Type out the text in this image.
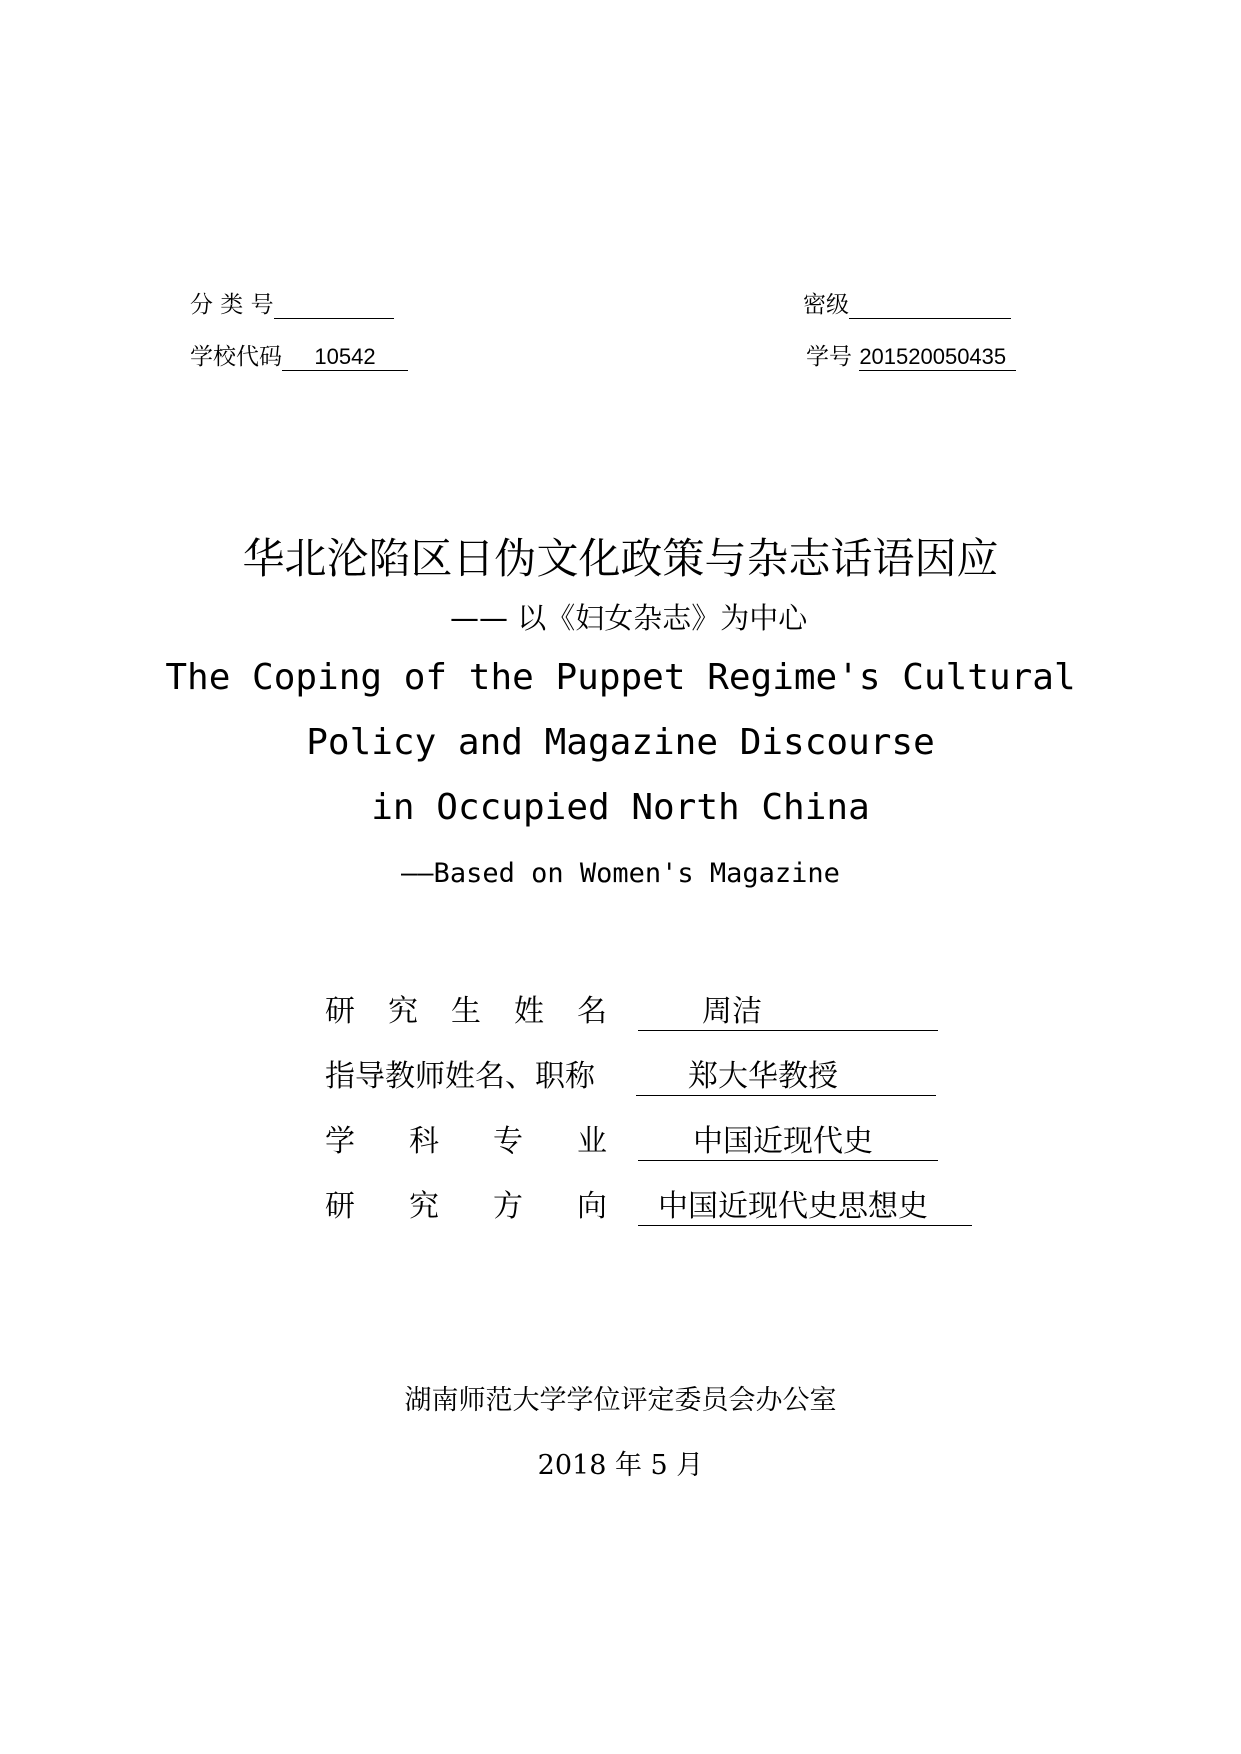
分 类 号	密级
学校代码 10542	学号 201520050435
华北沦陷区日伪文化政策与杂志话语因应
—— 以《妇女杂志》为中心
The Coping of the Puppet Regime's Cultural
Policy and Magazine Discourse
in Occupied North China
——Based on Women's Magazine
研 究 生 姓 名	周洁
指导教师姓名、职称	郑大华教授
学 科 专 业	中国近现代史
研 究 方 向	中国近现代史思想史
湖南师范大学学位评定委员会办公室
2018 年 5 月
